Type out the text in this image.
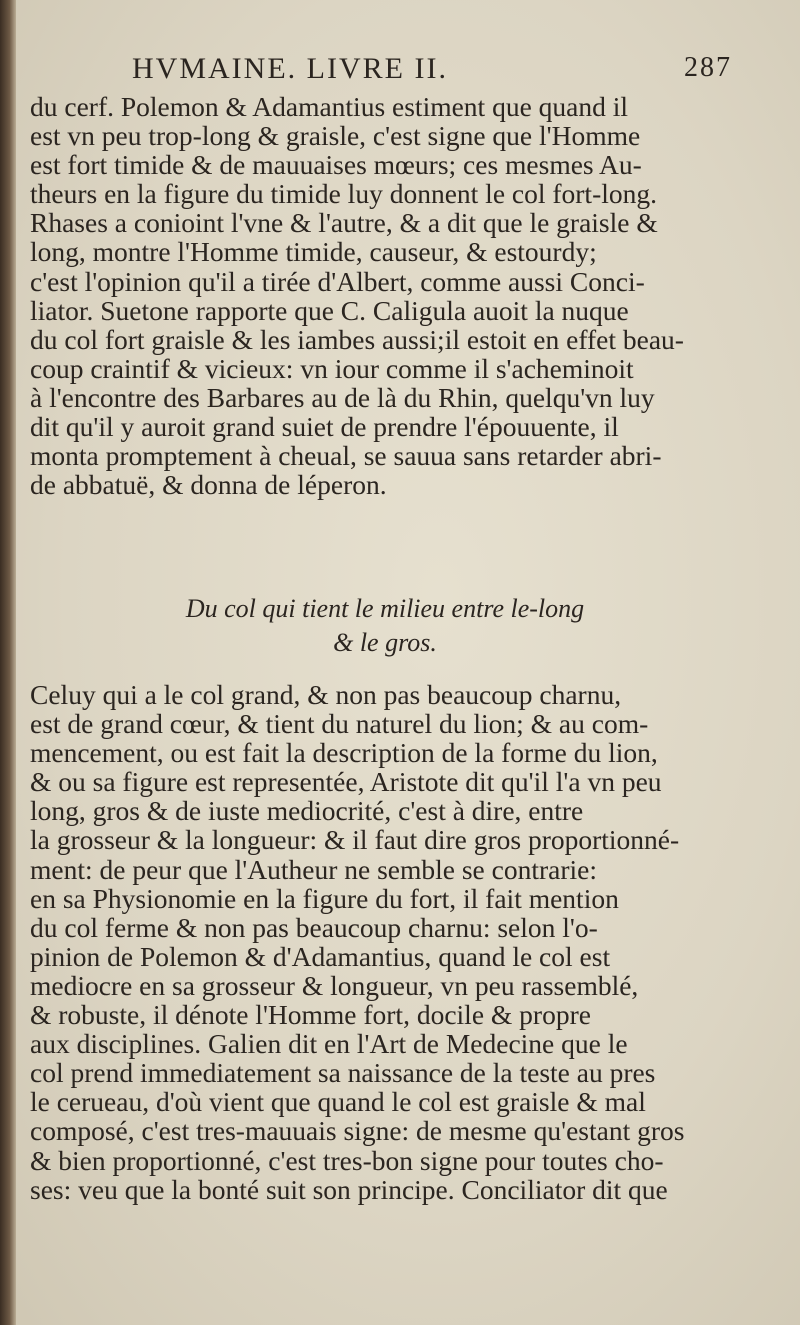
HVMAINE. LIVRE II.	287
du cerf. Polemon & Adamantius estiment que quand il
est vn peu trop-long & graisle, c'est signe que l'Homme
est fort timide & de mauuaises mœurs; ces mesmes Au-
theurs en la figure du timide luy donnent le col fort-long.
Rhases a conioint l'vne & l'autre, & a dit que le graisle &
long, montre l'Homme timide, causeur, & estourdy;
c'est l'opinion qu'il a tirée d'Albert, comme aussi Conci-
liator. Suetone rapporte que C. Caligula auoit la nuque
du col fort graisle & les iambes aussi;il estoit en effet beau-
coup craintif & vicieux: vn iour comme il s'acheminoit
à l'encontre des Barbares au de là du Rhin, quelqu'vn luy
dit qu'il y auroit grand suiet de prendre l'épouuente, il
monta promptement à cheual, se sauua sans retarder abri-
de abbatuë, & donna de léperon.
Du col qui tient le milieu entre le-long
& le gros.
Celuy qui a le col grand, & non pas beaucoup charnu,
est de grand cœur, & tient du naturel du lion; & au com-
mencement, ou est fait la description de la forme du lion,
& ou sa figure est representée, Aristote dit qu'il l'a vn peu
long, gros & de iuste mediocrité, c'est à dire, entre
la grosseur & la longueur: & il faut dire gros proportionné-
ment: de peur que l'Autheur ne semble se contrarie:
en sa Physionomie en la figure du fort, il fait mention
du col ferme & non pas beaucoup charnu: selon l'o-
pinion de Polemon & d'Adamantius, quand le col est
mediocre en sa grosseur & longueur, vn peu rassemblé,
& robuste, il dénote l'Homme fort, docile & propre
aux disciplines. Galien dit en l'Art de Medecine que le
col prend immediatement sa naissance de la teste au pres
le cerueau, d'où vient que quand le col est graisle & mal
composé, c'est tres-mauuais signe: de mesme qu'estant gros
& bien proportionné, c'est tres-bon signe pour toutes cho-
ses: veu que la bonté suit son principe. Conciliator dit que
